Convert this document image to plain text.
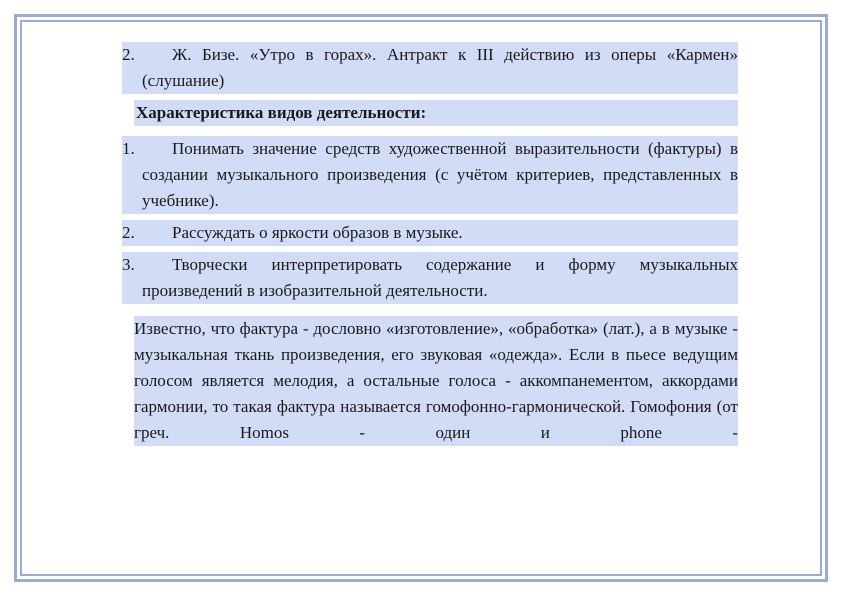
2.	Ж. Бизе. «Утро в горах». Антракт к III действию из оперы «Кармен» (слушание)
Характеристика видов деятельности:
1.	Понимать значение средств художественной выразительности (фактуры) в создании музыкального произведения (с учётом критериев, представленных в учебнике).
2.	Рассуждать о яркости образов в музыке.
3.	Творчески интерпретировать содержание и форму музыкальных произведений в изобразительной деятельности.
Известно, что фактура - дословно «изготовление», «обработка» (лат.), а в музыке - музыкальная ткань произведения, его звуковая «одежда». Если в пьесе ведущим голосом является мелодия, а остальные голоса - аккомпанементом, аккордами гармонии, то такая фактура называется гомофонно-гармонической. Гомофония (от греч. Homos - один и phone -
